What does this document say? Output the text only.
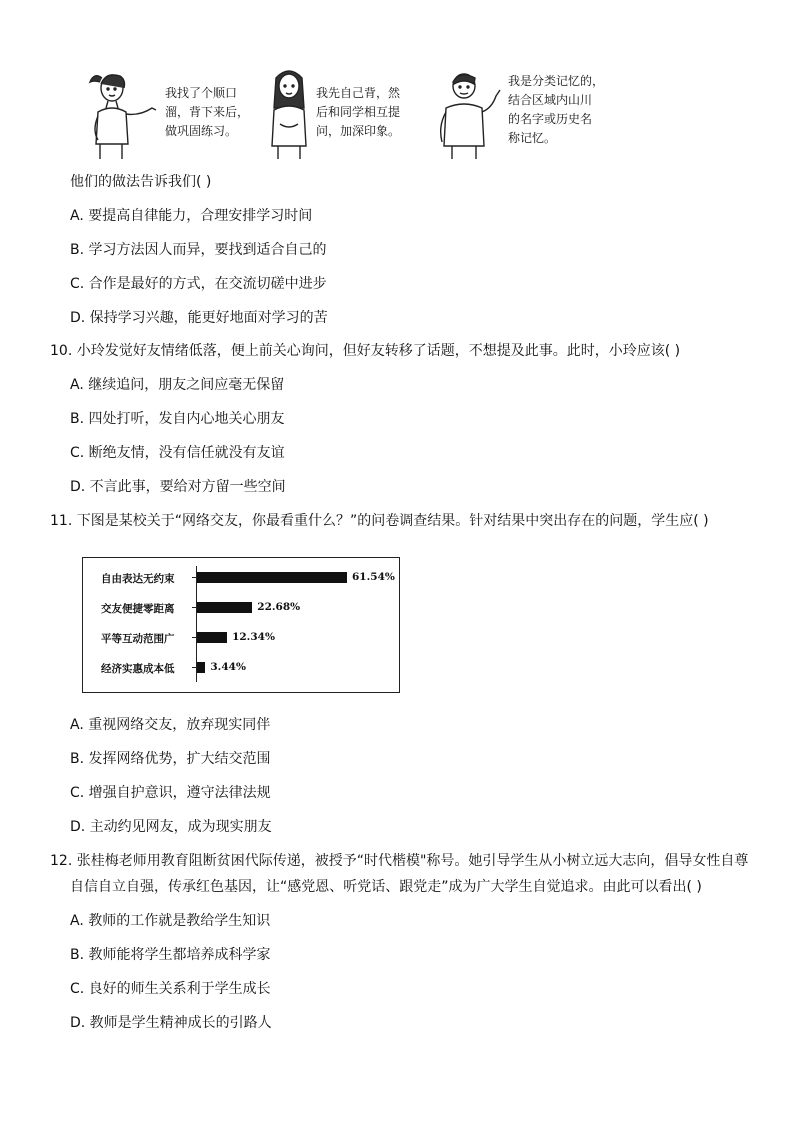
我找了个顺口
溜，背下来后，
做巩固练习。
我先自己背，然
后和同学相互提
问，加深印象。
我是分类记忆的，
结合区域内山川
的名字或历史名
称记忆。
他们的做法告诉我们( )
A. 要提高自律能力，合理安排学习时间
B. 学习方法因人而异，要找到适合自己的
C. 合作是最好的方式，在交流切磋中进步
D. 保持学习兴趣，能更好地面对学习的苦
10. 小玲发觉好友情绪低落，便上前关心询问，但好友转移了话题，不想提及此事。此时，小玲应该( )
A. 继续追问，朋友之间应毫无保留
B. 四处打听，发自内心地关心朋友
C. 断绝友情，没有信任就没有友谊
D. 不言此事，要给对方留一些空间
11. 下图是某校关于“网络交友，你最看重什么？”的问卷调查结果。针对结果中突出存在的问题，学生应( )
自由表达无约束	61.54%
交友便捷零距离	22.68%
平等互动范围广	12.34%
经济实惠成本低	3.44%
A. 重视网络交友，放弃现实同伴
B. 发挥网络优势，扩大结交范围
C. 增强自护意识，遵守法律法规
D. 主动约见网友，成为现实朋友
12. 张桂梅老师用教育阻断贫困代际传递，被授予“时代楷模"称号。她引导学生从小树立远大志向，倡导女性自尊
自信自立自强，传承红色基因，让“感党恩、听党话、跟党走”成为广大学生自觉追求。由此可以看出( )
A. 教师的工作就是教给学生知识
B. 教师能将学生都培养成科学家
C. 良好的师生关系利于学生成长
D. 教师是学生精神成长的引路人
